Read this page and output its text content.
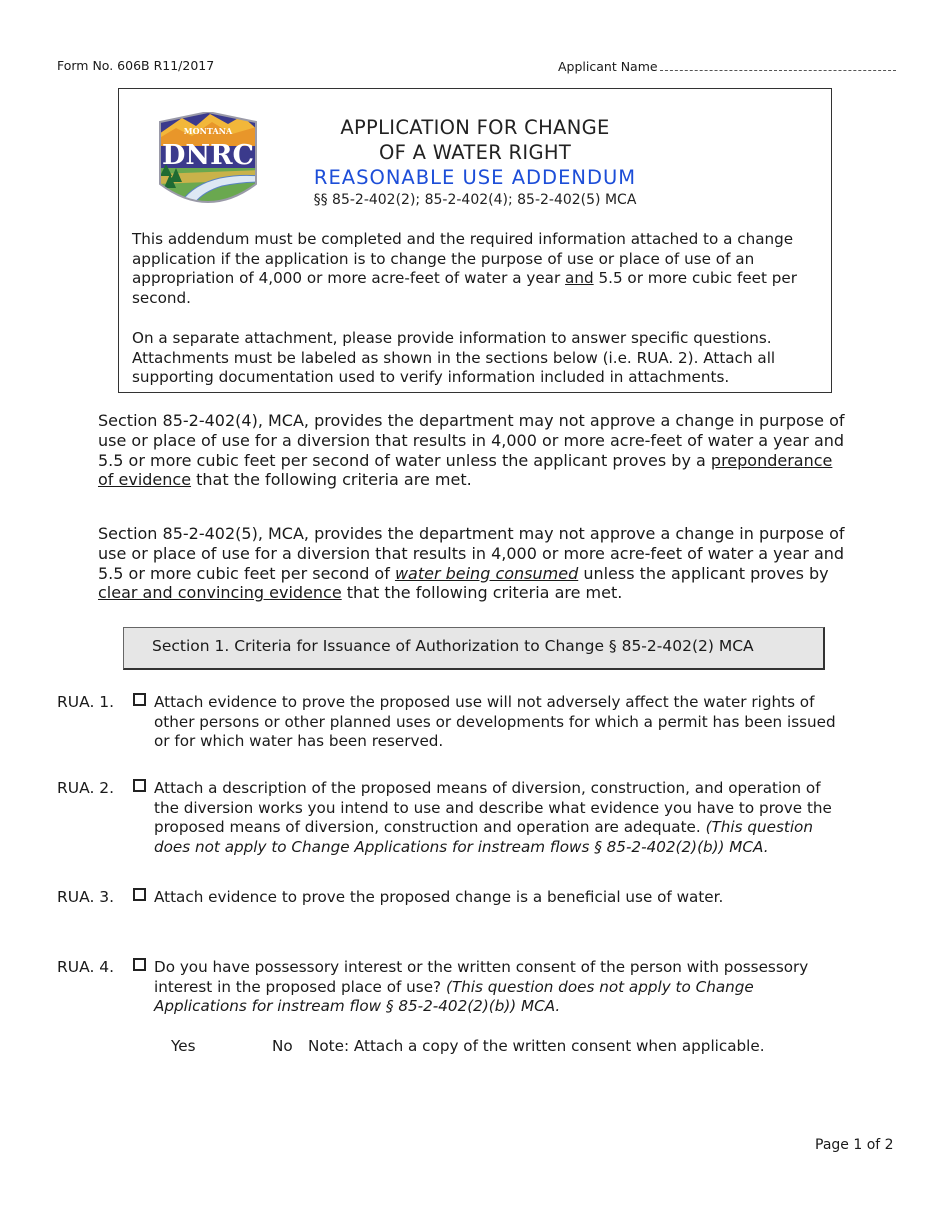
Form No. 606B R11/2017	Applicant Name
MONTANA
DNRC
APPLICATION FOR CHANGE
OF A WATER RIGHT
REASONABLE USE ADDENDUM
§§ 85-2-402(2); 85-2-402(4); 85-2-402(5) MCA
This addendum must be completed and the required information attached to a change application if the application is to change the purpose of use or place of use of an appropriation of 4,000 or more acre-feet of water a year and 5.5 or more cubic feet per second.
On a separate attachment, please provide information to answer specific questions. Attachments must be labeled as shown in the sections below (i.e. RUA. 2). Attach all supporting documentation used to verify information included in attachments.
Section 85-2-402(4), MCA, provides the department may not approve a change in purpose of use or place of use for a diversion that results in 4,000 or more acre-feet of water a year and 5.5 or more cubic feet per second of water unless the applicant proves by a preponderance of evidence that the following criteria are met.
Section 85-2-402(5), MCA, provides the department may not approve a change in purpose of use or place of use for a diversion that results in 4,000 or more acre-feet of water a year and 5.5 or more cubic feet per second of water being consumed unless the applicant proves by clear and convincing evidence that the following criteria are met.
Section 1. Criteria for Issuance of Authorization to Change § 85-2-402(2) MCA
RUA. 1.	Attach evidence to prove the proposed use will not adversely affect the water rights of other persons or other planned uses or developments for which a permit has been issued or for which water has been reserved.
RUA. 2.	Attach a description of the proposed means of diversion, construction, and operation of the diversion works you intend to use and describe what evidence you have to prove the proposed means of diversion, construction and operation are adequate. (This question does not apply to Change Applications for instream flows § 85-2-402(2)(b)) MCA.
RUA. 3.	Attach evidence to prove the proposed change is a beneficial use of water.
RUA. 4.	Do you have possessory interest or the written consent of the person with possessory interest in the proposed place of use? (This question does not apply to Change Applications for instream flow § 85-2-402(2)(b)) MCA.
Yes	No Note: Attach a copy of the written consent when applicable.
Page 1 of 2
